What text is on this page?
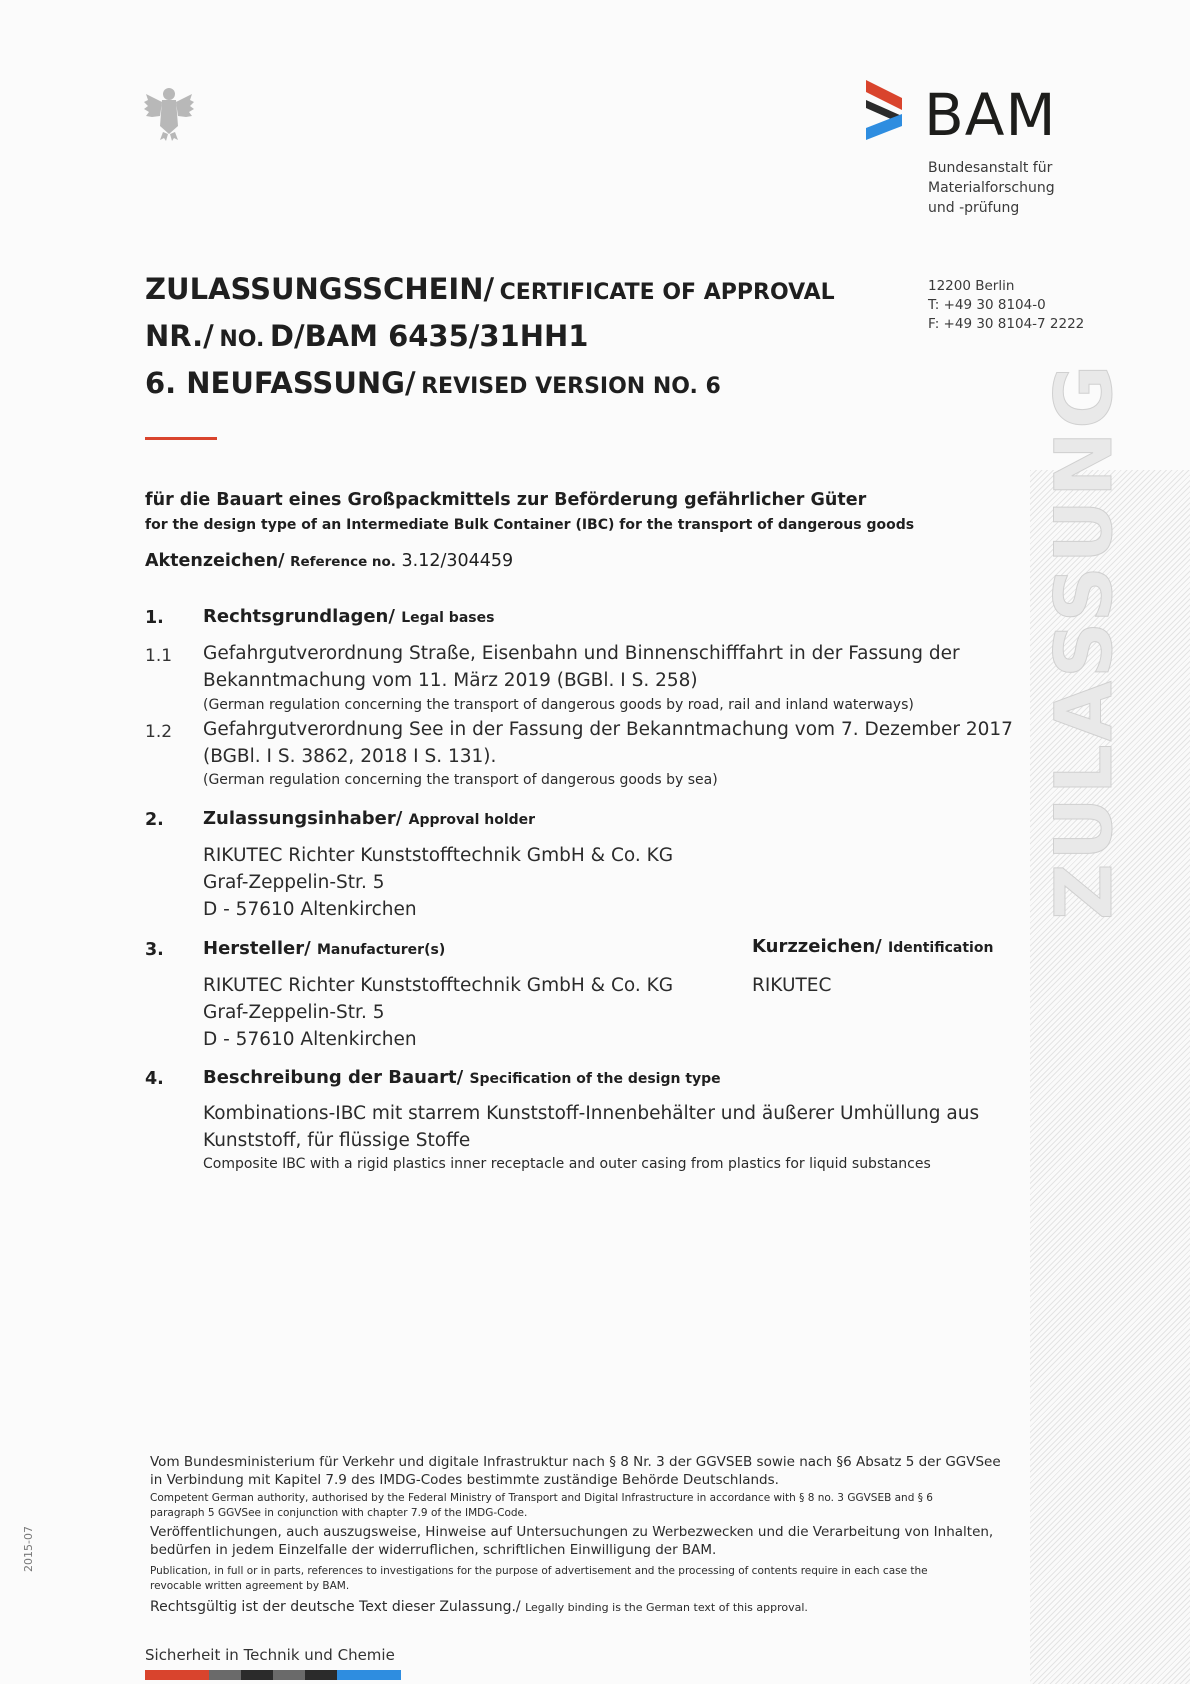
BAM
Bundesanstalt für
Materialforschung
und -prüfung
12200 Berlin
T: +49 30 8104-0
F: +49 30 8104-7 2222
ZULASSUNGSSCHEIN/ CERTIFICATE OF APPROVAL
NR./ NO. D/BAM 6435/31HH1
6. NEUFASSUNG/ REVISED VERSION NO. 6
für die Bauart eines Großpackmittels zur Beförderung gefährlicher Güter
for the design type of an Intermediate Bulk Container (IBC) for the transport of dangerous goods
Aktenzeichen/ Reference no. 3.12/304459
1. Rechtsgrundlagen/ Legal bases
1.1 Gefahrgutverordnung Straße, Eisenbahn und Binnenschifffahrt in der Fassung der
Bekanntmachung vom 11. März 2019 (BGBl. I S. 258)
(German regulation concerning the transport of dangerous goods by road, rail and inland waterways)
1.2 Gefahrgutverordnung See in der Fassung der Bekanntmachung vom 7. Dezember 2017
(BGBl. I S. 3862, 2018 I S. 131).
(German regulation concerning the transport of dangerous goods by sea)
2. Zulassungsinhaber/ Approval holder
RIKUTEC Richter Kunststofftechnik GmbH & Co. KG
Graf-Zeppelin-Str. 5
D - 57610 Altenkirchen
3. Hersteller/ Manufacturer(s)	Kurzzeichen/ Identification
RIKUTEC Richter Kunststofftechnik GmbH & Co. KG
Graf-Zeppelin-Str. 5
D - 57610 Altenkirchen
RIKUTEC
4. Beschreibung der Bauart/ Specification of the design type
Kombinations-IBC mit starrem Kunststoff-Innenbehälter und äußerer Umhüllung aus
Kunststoff, für flüssige Stoffe
Composite IBC with a rigid plastics inner receptacle and outer casing from plastics for liquid substances
Vom Bundesministerium für Verkehr und digitale Infrastruktur nach § 8 Nr. 3 der GGVSEB sowie nach §6 Absatz 5 der GGVSee
in Verbindung mit Kapitel 7.9 des IMDG-Codes bestimmte zuständige Behörde Deutschlands.
Competent German authority, authorised by the Federal Ministry of Transport and Digital Infrastructure in accordance with § 8 no. 3 GGVSEB and § 6
paragraph 5 GGVSee in conjunction with chapter 7.9 of the IMDG-Code.
Veröffentlichungen, auch auszugsweise, Hinweise auf Untersuchungen zu Werbezwecken und die Verarbeitung von Inhalten,
bedürfen in jedem Einzelfalle der widerruflichen, schriftlichen Einwilligung der BAM.
Publication, in full or in parts, references to investigations for the purpose of advertisement and the processing of contents require in each case the
revocable written agreement by BAM.
Rechtsgültig ist der deutsche Text dieser Zulassung./ Legally binding is the German text of this approval.
2015-07
Sicherheit in Technik und Chemie
ZULASSUNG
